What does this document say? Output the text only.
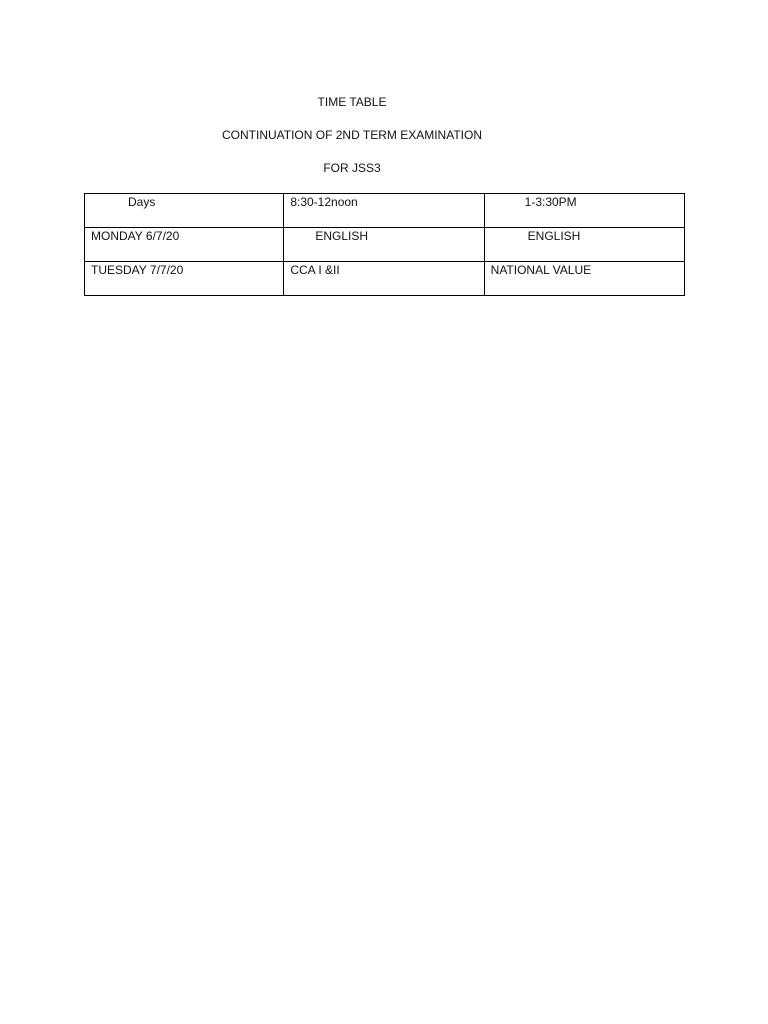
TIME TABLE
CONTINUATION OF 2ND TERM EXAMINATION
FOR JSS3
Days	8:30-12noon	1-3:30PM
MONDAY 6/7/20	ENGLISH	ENGLISH
TUESDAY 7/7/20	CCA I &II	NATIONAL VALUE
